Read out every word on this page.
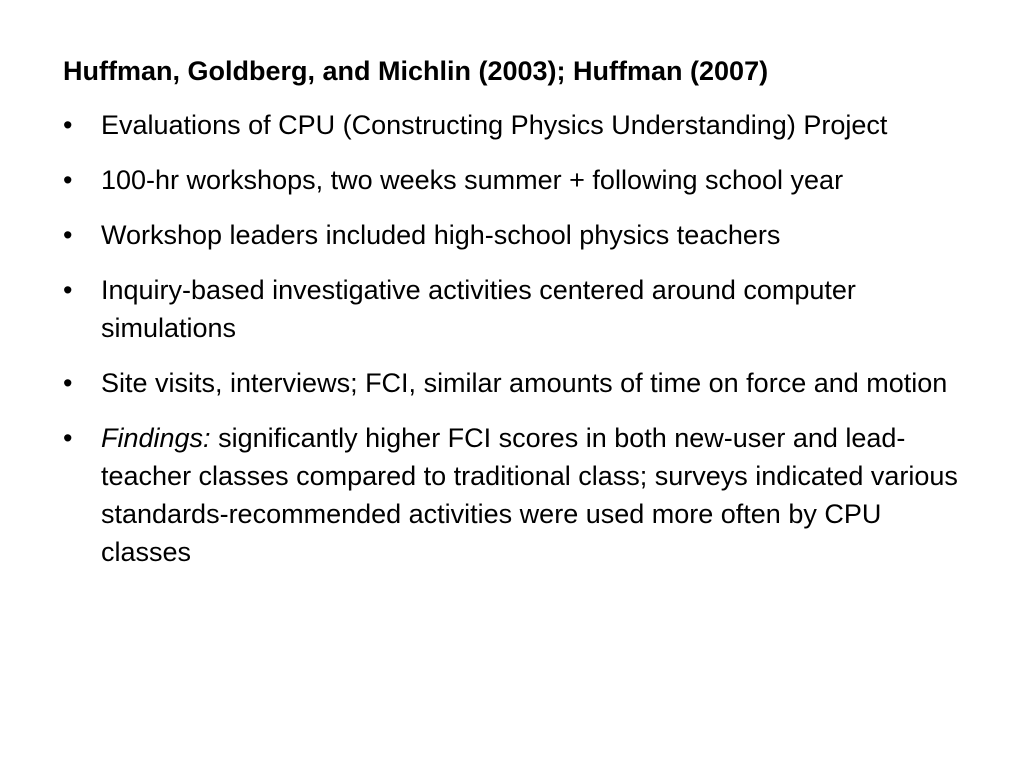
Huffman, Goldberg, and Michlin (2003); Huffman (2007)
• Evaluations of CPU (Constructing Physics Understanding) Project
• 100-hr workshops, two weeks summer + following school year
• Workshop leaders included high-school physics teachers
• Inquiry-based investigative activities centered around computer simulations
• Site visits, interviews; FCI, similar amounts of time on force and motion
• Findings: significantly higher FCI scores in both new-user and lead-teacher classes compared to traditional class; surveys indicated various standards-recommended activities were used more often by CPU classes
